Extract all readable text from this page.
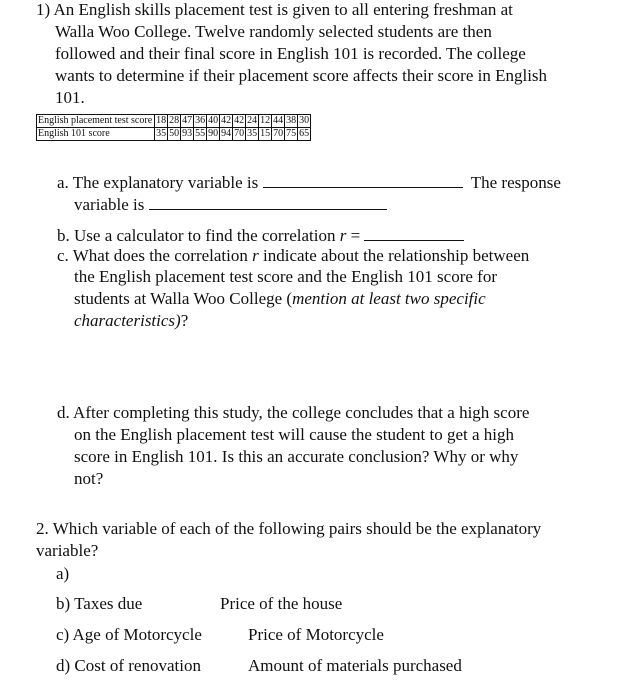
1) An English skills placement test is given to all entering freshman at
Walla Woo College. Twelve randomly selected students are then
followed and their final score in English 101 is recorded. The college
wants to determine if their placement score affects their score in English
101.
English placement test score	18	28	47	36	40	42	42	24	12	44	38	30
English 101 score	35	50	93	55	90	94	70	35	15	70	75	65
a. The explanatory variable is	The response
variable is
b. Use a calculator to find the correlation r =
c. What does the correlation r indicate about the relationship between
the English placement test score and the English 101 score for
students at Walla Woo College (mention at least two specific
characteristics)?
d. After completing this study, the college concludes that a high score
on the English placement test will cause the student to get a high
score in English 101. Is this an accurate conclusion? Why or why
not?
2. Which variable of each of the following pairs should be the explanatory
variable?
a)
b) Taxes due	Price of the house
c) Age of Motorcycle	Price of Motorcycle
d) Cost of renovation	Amount of materials purchased
